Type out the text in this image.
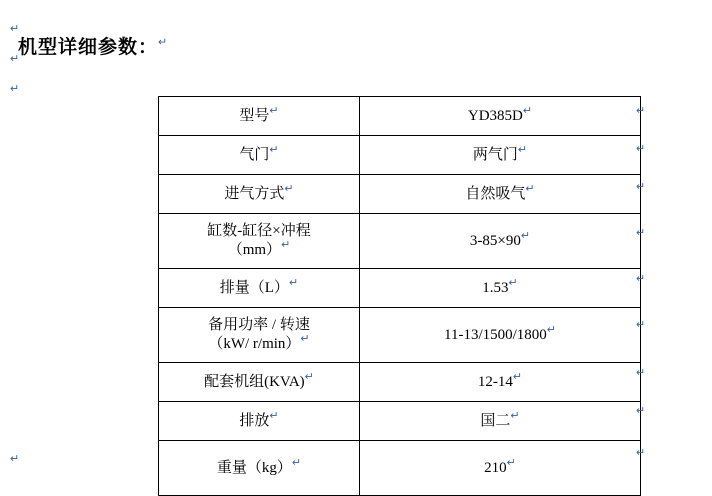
↵
↵
↵
机型详细参数：↵
型号↵	YD385D↵
气门↵	两气门↵
进气方式↵	自然吸气↵

缸数-缸径×冲程
（mm）↵	3-85×90↵
排量（L）↵	1.53↵

备用功率 / 转速
（kW/ r/min）↵	11-13/1500/1800↵
配套机组(KVA)↵	12-14↵
排放↵	国二↵
重量（kg）↵	210↵
↵
↵
↵
↵
↵
↵
↵
↵
↵
↵
